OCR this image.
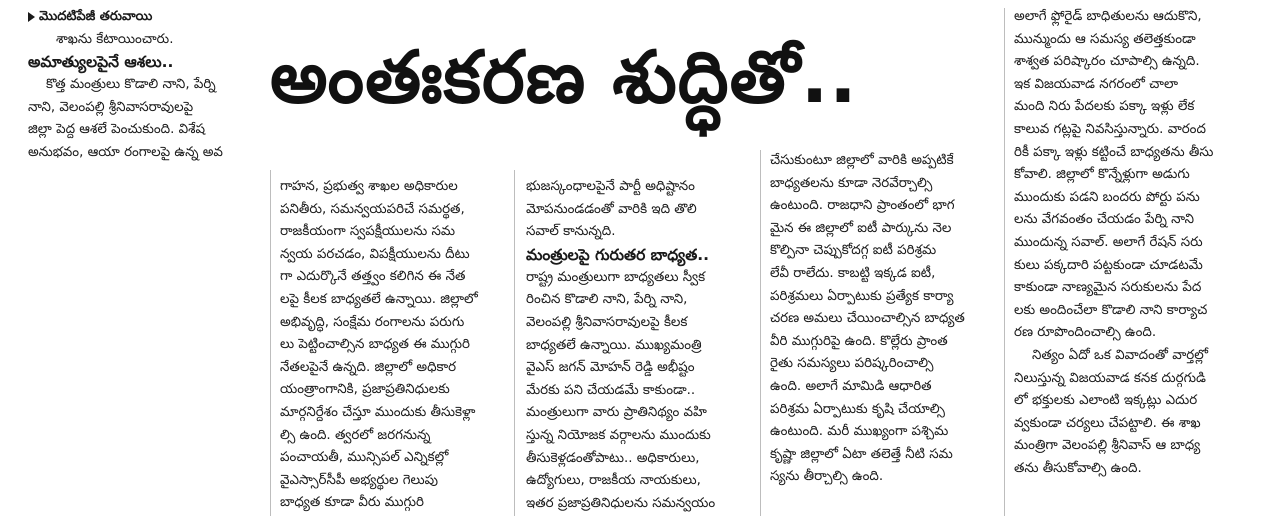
మొదటిపేజీ తరువాయి

శాఖను కేటాయించారు.

అమాత్యులపైనే ఆశలు..

కొత్త మంత్రులు కొడాలి నాని, పేర్ని

నాని, వెలంపల్లి శ్రీనివాసరావులపై

జిల్లా పెద్ద ఆశలే పెంచుకుంది. విశేష

అనుభవం, ఆయా రంగాలపై ఉన్న అవ

అంతఃకరణ శుద్ధితో..

గాహన, ప్రభుత్వ శాఖల అధికారుల

పనితీరు, సమన్వయపరిచే సమర్థత,

రాజకీయంగా స్వపక్షీయులను సమ

న్వయ పరచడం, విపక్షీయులను దీటు

గా ఎదుర్కొనే తత్త్వం కలిగిన ఈ నేత

లపై కీలక బాధ్యతలే ఉన్నాయి. జిల్లాలో

అభివృద్ధి, సంక్షేమ రంగాలను పరుగు

లు పెట్టించాల్సిన బాధ్యత ఈ ముగ్గురి

నేతలపైనే ఉన్నది. జిల్లాలో అధికార

యంత్రాంగానికి, ప్రజాప్రతినిధులకు

మార్గనిర్దేశం చేస్తూ ముందుకు తీసుకెళ్లా

ల్సి ఉంది. త్వరలో జరగనున్న

పంచాయతీ, మున్సిపల్ ఎన్నికల్లో

వైఎస్సార్‌సీపీ అభ్యర్థుల గెలుపు

బాధ్యత కూడా వీరు ముగ్గురి

భుజస్కంధాలపైనే పార్టీ అధిష్టానం

మోపనుండడంతో వారికి ఇది తొలి

సవాల్ కానున్నది.

మంత్రులపై గురుతర బాధ్యత..

రాష్ట్ర మంత్రులుగా బాధ్యతలు స్వీక

రించిన కొడాలి నాని, పేర్ని నాని,

వెలంపల్లి శ్రీనివాసరావులపై కీలక

బాధ్యతలే ఉన్నాయి. ముఖ్యమంత్రి

వైఎస్ జగన్ మోహన్ రెడ్డి అభీష్టం

మేరకు పని చేయడమే కాకుండా..

మంత్రులుగా వారు ప్రాతినిథ్యం వహి

స్తున్న నియోజక వర్గాలను ముందుకు

తీసుకెళ్లడంతోపాటు.. అధికారులు,

ఉద్యోగులు, రాజకీయ నాయకులు,

ఇతర ప్రజాప్రతినిధులను సమన్వయం

చేసుకుంటూ జిల్లాలో వారికి అప్పటికే

బాధ్యతలను కూడా నెరవేర్చాల్సి

ఉంటుంది. రాజధాని ప్రాంతంలో భాగ

మైన ఈ జిల్లాలో ఐటీ పార్కును నెల

కొల్పినా చెప్పుకోదగ్గ ఐటీ పరిశ్రమ

లేవీ రాలేదు. కాబట్టి ఇక్కడ ఐటీ,

పరిశ్రమలు ఏర్పాటుకు ప్రత్యేక కార్యా

చరణ అమలు చేయించాల్సిన బాధ్యత

వీరి ముగ్గురిపై ఉంది. కొల్లేరు ప్రాంత

రైతు సమస్యలు పరిష్కరించాల్సి

ఉంది. అలాగే మామిడి ఆధారిత

పరిశ్రమ ఏర్పాటుకు కృషి చేయాల్సి

ఉంటుంది. మరీ ముఖ్యంగా పశ్చిమ

కృష్ణా జిల్లాలో ఏటా తలెత్తే నీటి సమ

స్యను తీర్చాల్సి ఉంది.

అలాగే ఫ్లోరైడ్ బాధితులను ఆదుకొని,

మున్ముందు ఆ సమస్య తలెత్తకుండా

శాశ్వత పరిష్కారం చూపాల్సి ఉన్నది.

ఇక విజయవాడ నగరంలో చాలా

మంది నిరు పేదలకు పక్కా ఇళ్లు లేక

కాలువ గట్లపై నివసిస్తున్నారు. వారంద

రికీ పక్కా ఇళ్లు కట్టించే బాధ్యతను తీసు

కోవాలి. జిల్లాలో కొన్నేళ్లుగా అడుగు

ముందుకు పడని బందరు పోర్టు పను

లను వేగవంతం చేయడం పేర్ని నాని

ముందున్న సవాల్. అలాగే రేషన్ సరు

కులు పక్కదారి పట్టకుండా చూడటమే

కాకుండా నాణ్యమైన సరుకులను పేద

లకు అందించేలా కొడాలి నాని కార్యాచ

రణ రూపొందించాల్సి ఉంది.

నిత్యం ఏదో ఒక వివాదంతో వార్తల్లో

నిలుస్తున్న విజయవాడ కనక దుర్గగుడి

లో భక్తులకు ఎలాంటి ఇక్కట్లు ఎదుర

వ్వకుండా చర్యలు చేపట్టాలి. ఈ శాఖ

మంత్రిగా వెలంపల్లి శ్రీనివాస్ ఆ బాధ్య

తను తీసుకోవాల్సి ఉంది.
